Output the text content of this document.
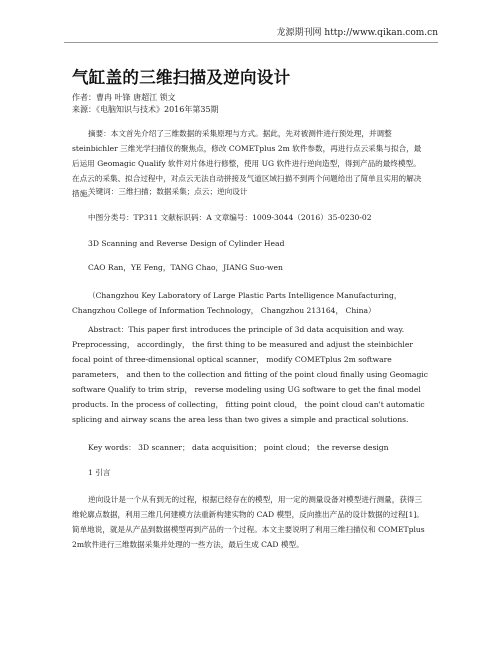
龙源期刊网 http://www.qikan.com.cn
气缸盖的三维扫描及逆向设计
作者：曹冉 叶锋 唐超江 锁文
来源：《电脑知识与技术》2016年第35期
摘要：本文首先介绍了三维数据的采集原理与方式。据此，先对被测件进行预处理，并调整 steinbichler 三维光学扫描仪的聚焦点，修改 COMETplus 2m 软件参数，再进行点云采集与拟合，最后运用 Geomagic Qualify 软件对片体进行修整，使用 UG 软件进行逆向造型，得到产品的最终模型。在点云的采集、拟合过程中，对点云无法自动拼接及气道区域扫描不到两个问题给出了简单且实用的解决措施。
关键词：三维扫描；数据采集；点云；逆向设计
中图分类号：TP311 文献标识码：A 文章编号：1009-3044（2016）35-0230-02
3D Scanning and Reverse Design of Cylinder Head
CAO Ran，YE Feng，TANG Chao，JIANG Suo-wen
（Changzhou Key Laboratory of Large Plastic Parts Intelligence Manufacturing， Changzhou College of Information Technology， Changzhou 213164， China）
Abstract：This paper first introduces the principle of 3d data acquisition and way. Preprocessing， accordingly， the first thing to be measured and adjust the steinbichler focal point of three-dimensional optical scanner， modify COMETplus 2m software parameters， and then to the collection and fitting of the point cloud finally using Geomagic software Qualify to trim strip， reverse modeling using UG software to get the final model products. In the process of collecting， fitting point cloud， the point cloud can't automatic splicing and airway scans the area less than two gives a simple and practical solutions.
Key words： 3D scanner； data acquisition； point cloud； the reverse design
1 引言
逆向设计是一个从有到无的过程，根据已经存在的模型，用一定的测量设备对模型进行测量，获得三维轮廓点数据，利用三维几何建模方法重新构建实物的 CAD 模型，反向推出产品的设计数据的过程[1]。简单地说，就是从产品到数据模型再到产品的一个过程。本文主要说明了利用三维扫描仪和 COMETplus 2m软件进行三维数据采集并处理的一些方法，最后生成 CAD 模型。
